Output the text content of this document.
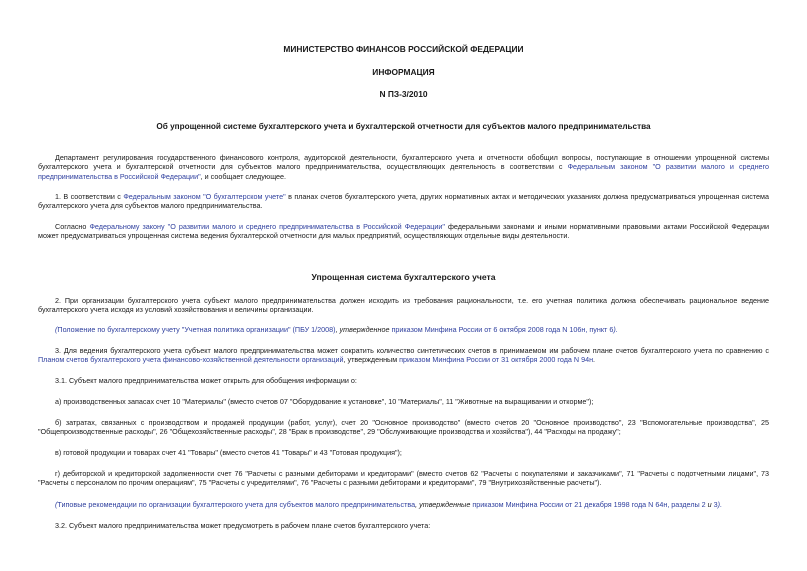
МИНИСТЕРСТВО ФИНАНСОВ РОССИЙСКОЙ ФЕДЕРАЦИИ
ИНФОРМАЦИЯ
N ПЗ-3/2010
Об упрощенной системе бухгалтерского учета и бухгалтерской отчетности для субъектов малого предпринимательства
Департамент регулирования государственного финансового контроля, аудиторской деятельности, бухгалтерского учета и отчетности обобщил вопросы, поступающие в отношении упрощенной системы бухгалтерского учета и бухгалтерской отчетности для субъектов малого предпринимательства, осуществляющих деятельность в соответствии с Федеральным законом "О развитии малого и среднего предпринимательства в Российской Федерации", и сообщает следующее.
1. В соответствии с Федеральным законом "О бухгалтерском учете" в планах счетов бухгалтерского учета, других нормативных актах и методических указаниях должна предусматриваться упрощенная система бухгалтерского учета для субъектов малого предпринимательства.
Согласно Федеральному закону "О развитии малого и среднего предпринимательства в Российской Федерации" федеральными законами и иными нормативными правовыми актами Российской Федерации может предусматриваться упрощенная система ведения бухгалтерской отчетности для малых предприятий, осуществляющих отдельные виды деятельности.
Упрощенная система бухгалтерского учета
2. При организации бухгалтерского учета субъект малого предпринимательства должен исходить из требования рациональности, т.е. его учетная политика должна обеспечивать рациональное ведение бухгалтерского учета исходя из условий хозяйствования и величины организации.
(Положение по бухгалтерскому учету "Учетная политика организации" (ПБУ 1/2008), утвержденное приказом Минфина России от 6 октября 2008 года N 106н, пункт 6).
3. Для ведения бухгалтерского учета субъект малого предпринимательства может сократить количество синтетических счетов в принимаемом им рабочем плане счетов бухгалтерского учета по сравнению с Планом счетов бухгалтерского учета финансово-хозяйственной деятельности организаций, утвержденным приказом Минфина России от 31 октября 2000 года N 94н.
3.1. Субъект малого предпринимательства может открыть для обобщения информации о:
а) производственных запасах счет 10 "Материалы" (вместо счетов 07 "Оборудование к установке", 10 "Материалы", 11 "Животные на выращивании и откорме");
б) затратах, связанных с производством и продажей продукции (работ, услуг), счет 20 "Основное производство" (вместо счетов 20 "Основное производство", 23 "Вспомогательные производства", 25 "Общепроизводственные расходы", 26 "Общехозяйственные расходы", 28 "Брак в производстве", 29 "Обслуживающие производства и хозяйства"), 44 "Расходы на продажу";
в) готовой продукции и товарах счет 41 "Товары" (вместо счетов 41 "Товары" и 43 "Готовая продукция");
г) дебиторской и кредиторской задолженности счет 76 "Расчеты с разными дебиторами и кредиторами" (вместо счетов 62 "Расчеты с покупателями и заказчиками", 71 "Расчеты с подотчетными лицами", 73 "Расчеты с персоналом по прочим операциям", 75 "Расчеты с учредителями", 76 "Расчеты с разными дебиторами и кредиторами", 79 "Внутрихозяйственные расчеты").
(Типовые рекомендации по организации бухгалтерского учета для субъектов малого предпринимательства, утвержденные приказом Минфина России от 21 декабря 1998 года N 64н, разделы 2 и 3).
3.2. Субъект малого предпринимательства может предусмотреть в рабочем плане счетов бухгалтерского учета:
